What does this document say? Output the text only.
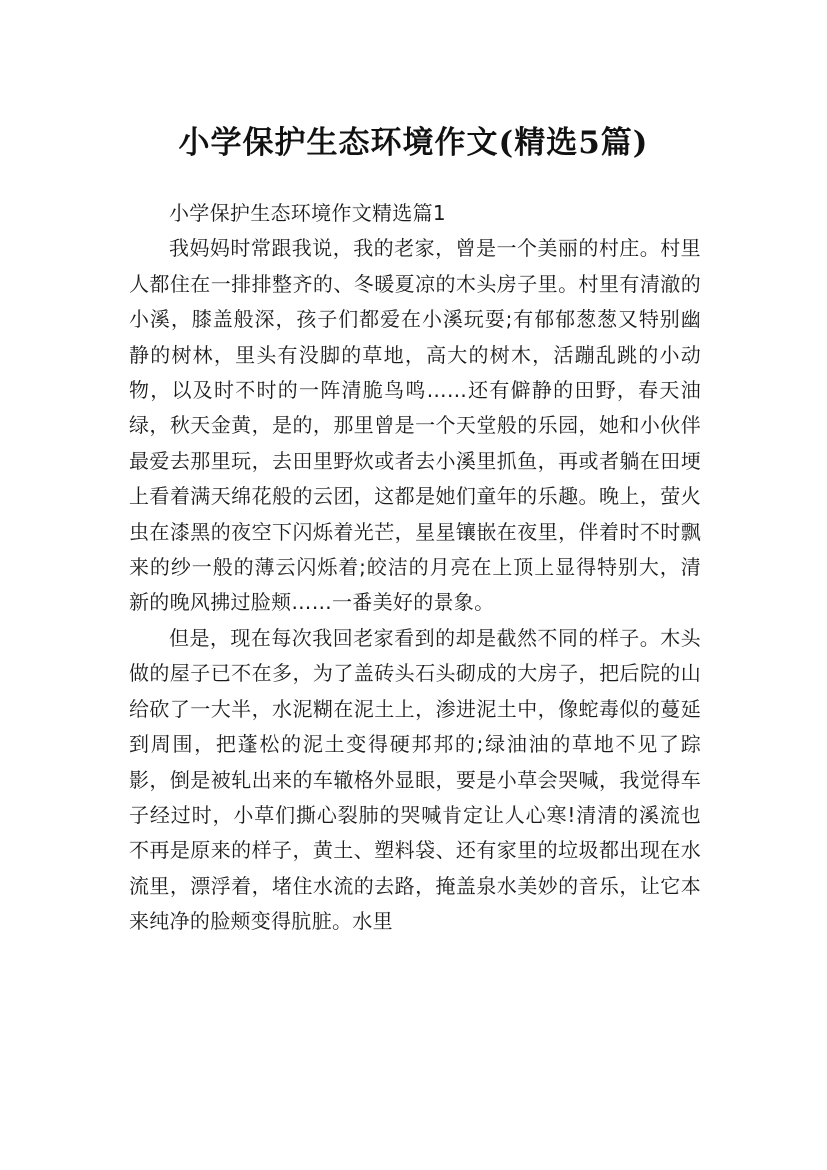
小学保护生态环境作文(精选5篇)

小学保护生态环境作文精选篇1

我妈妈时常跟我说，我的老家，曾是一个美丽的村庄。村里人都住在一排排整齐的、冬暖夏凉的木头房子里。村里有清澈的小溪，膝盖般深，孩子们都爱在小溪玩耍;有郁郁葱葱又特别幽静的树林，里头有没脚的草地，高大的树木，活蹦乱跳的小动物，以及时不时的一阵清脆鸟鸣……还有僻静的田野，春天油绿，秋天金黄，是的，那里曾是一个天堂般的乐园，她和小伙伴最爱去那里玩，去田里野炊或者去小溪里抓鱼，再或者躺在田埂上看着满天绵花般的云团，这都是她们童年的乐趣。晚上，萤火虫在漆黑的夜空下闪烁着光芒，星星镶嵌在夜里，伴着时不时飘来的纱一般的薄云闪烁着;皎洁的月亮在上顶上显得特别大，清新的晚风拂过脸颊……一番美好的景象。

但是，现在每次我回老家看到的却是截然不同的样子。木头做的屋子已不在多，为了盖砖头石头砌成的大房子，把后院的山给砍了一大半，水泥糊在泥土上，渗进泥土中，像蛇毒似的蔓延到周围，把蓬松的泥土变得硬邦邦的;绿油油的草地不见了踪影，倒是被轧出来的车辙格外显眼，要是小草会哭喊，我觉得车子经过时，小草们撕心裂肺的哭喊肯定让人心寒!清清的溪流也不再是原来的样子，黄土、塑料袋、还有家里的垃圾都出现在水流里，漂浮着，堵住水流的去路，掩盖泉水美妙的音乐，让它本来纯净的脸颊变得肮脏。水里
